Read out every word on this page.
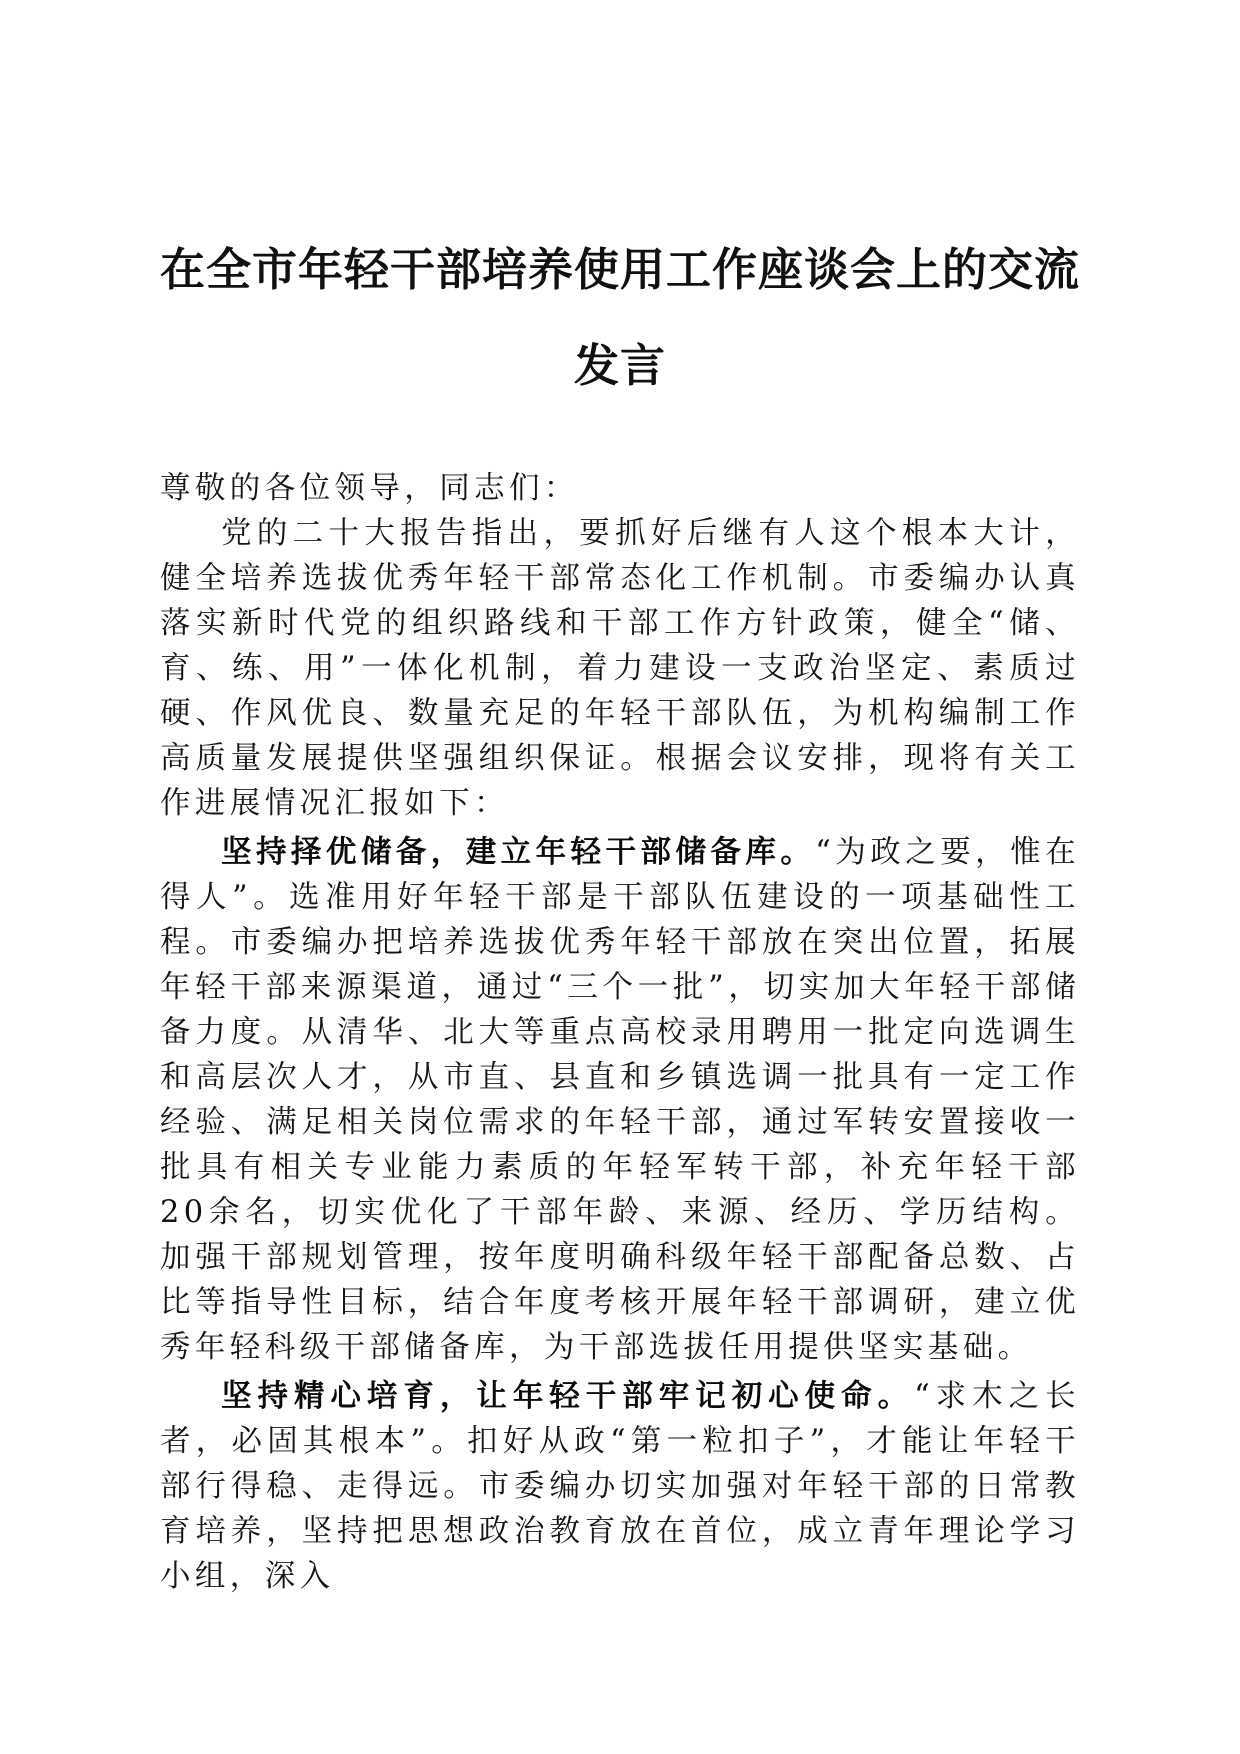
在全市年轻干部培养使用工作座谈会上的交流发言

尊敬的各位领导，同志们：

党的二十大报告指出，要抓好后继有人这个根本大计，健全培养选拔优秀年轻干部常态化工作机制。市委编办认真落实新时代党的组织路线和干部工作方针政策，健全“储、育、练、用”一体化机制，着力建设一支政治坚定、素质过硬、作风优良、数量充足的年轻干部队伍，为机构编制工作高质量发展提供坚强组织保证。根据会议安排，现将有关工作进展情况汇报如下：

坚持择优储备，建立年轻干部储备库。“为政之要，惟在得人”。选准用好年轻干部是干部队伍建设的一项基础性工程。市委编办把培养选拔优秀年轻干部放在突出位置，拓展年轻干部来源渠道，通过“三个一批”，切实加大年轻干部储备力度。从清华、北大等重点高校录用聘用一批定向选调生和高层次人才，从市直、县直和乡镇选调一批具有一定工作经验、满足相关岗位需求的年轻干部，通过军转安置接收一批具有相关专业能力素质的年轻军转干部，补充年轻干部20余名，切实优化了干部年龄、来源、经历、学历结构。加强干部规划管理，按年度明确科级年轻干部配备总数、占比等指导性目标，结合年度考核开展年轻干部调研，建立优秀年轻科级干部储备库，为干部选拔任用提供坚实基础。

坚持精心培育，让年轻干部牢记初心使命。“求木之长者，必固其根本”。扣好从政“第一粒扣子”，才能让年轻干部行得稳、走得远。市委编办切实加强对年轻干部的日常教育培养，坚持把思想政治教育放在首位，成立青年理论学习小组，深入
